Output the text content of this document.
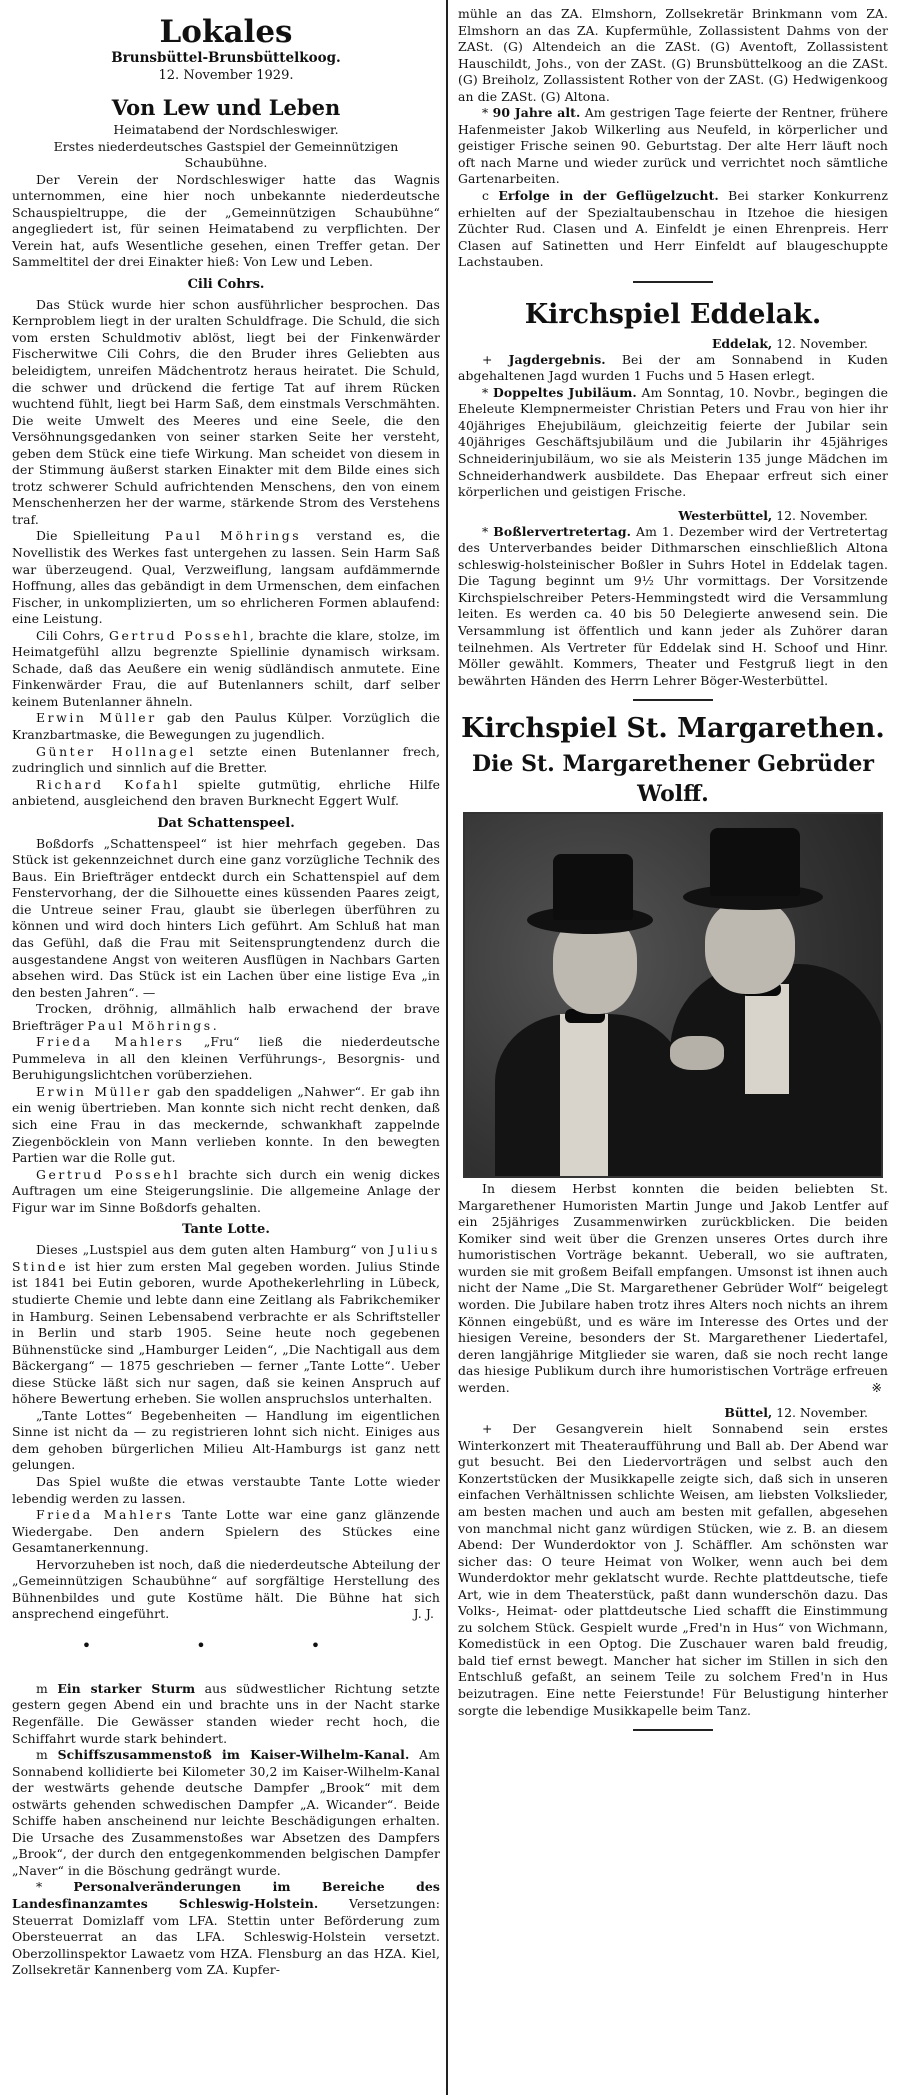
Lokales
Brunsbüttel-Brunsbüttelkoog.
12. November 1929.
Von Lew und Leben
Heimatabend der Nordschleswiger.
Erstes niederdeutsches Gastspiel der Gemeinnützigen Schaubühne.

Der Verein der Nordschleswiger hatte das Wagnis unternommen, eine hier noch unbekannte niederdeutsche Schauspieltruppe, die der „Gemeinnützigen Schaubühne“ angegliedert ist, für seinen Heimatabend zu verpflichten. Der Verein hat, aufs Wesentliche gesehen, einen Treffer getan. Der Sammeltitel der drei Einakter hieß: Von Lew und Leben.

Cili Cohrs.

Das Stück wurde hier schon ausführlicher besprochen. Das Kernproblem liegt in der uralten Schuldfrage. Die Schuld, die sich vom ersten Schuldmotiv ablöst, liegt bei der Finkenwärder Fischerwitwe Cili Cohrs, die den Bruder ihres Geliebten aus beleidigtem, unreifen Mädchentrotz heraus heiratet. Die Schuld, die schwer und drückend die fertige Tat auf ihrem Rücken wuchtend fühlt, liegt bei Harm Saß, dem einstmals Verschmähten. Die weite Umwelt des Meeres und eine Seele, die den Versöhnungsgedanken von seiner starken Seite her versteht, geben dem Stück eine tiefe Wirkung. Man scheidet von diesem in der Stimmung äußerst starken Einakter mit dem Bilde eines sich trotz schwerer Schuld aufrichtenden Menschens, den von einem Menschenherzen her der warme, stärkende Strom des Verstehens traf.

Die Spielleitung Paul Möhrings verstand es, die Novellistik des Werkes fast untergehen zu lassen. Sein Harm Saß war überzeugend. Qual, Verzweiflung, langsam aufdämmernde Hoffnung, alles das gebändigt in dem Urmenschen, dem einfachen Fischer, in unkomplizierten, um so ehrlicheren Formen ablaufend: eine Leistung.

Cili Cohrs, Gertrud Possehl, brachte die klare, stolze, im Heimatgefühl allzu begrenzte Spiellinie dynamisch wirksam. Schade, daß das Aeußere ein wenig südländisch anmutete. Eine Finkenwärder Frau, die auf Butenlanners schilt, darf selber keinem Butenlanner ähneln.

Erwin Müller gab den Paulus Külper. Vorzüglich die Kranzbartmaske, die Bewegungen zu jugendlich.

Günter Hollnagel setzte einen Butenlanner frech, zudringlich und sinnlich auf die Bretter.

Richard Kofahl spielte gutmütig, ehrliche Hilfe anbietend, ausgleichend den braven Burknecht Eggert Wulf.

Dat Schattenspeel.

Boßdorfs „Schattenspeel“ ist hier mehrfach gegeben. Das Stück ist gekennzeichnet durch eine ganz vorzügliche Technik des Baus. Ein Briefträger entdeckt durch ein Schattenspiel auf dem Fenstervorhang, der die Silhouette eines küssenden Paares zeigt, die Untreue seiner Frau, glaubt sie überlegen überführen zu können und wird doch hinters Lich geführt. Am Schluß hat man das Gefühl, daß die Frau mit Seitensprungtendenz durch die ausgestandene Angst von weiteren Ausflügen in Nachbars Garten absehen wird. Das Stück ist ein Lachen über eine listige Eva „in den besten Jahren“. —

Trocken, dröhnig, allmählich halb erwachend der brave Briefträger Paul Möhrings.

Frieda Mahlers „Fru“ ließ die niederdeutsche Pummeleva in all den kleinen Verführungs-, Besorgnis- und Beruhigungslichtchen vorüberziehen.

Erwin Müller gab den spaddeligen „Nahwer“. Er gab ihn ein wenig übertrieben. Man konnte sich nicht recht denken, daß sich eine Frau in das meckernde, schwankhaft zappelnde Ziegenböcklein von Mann verlieben konnte. In den bewegten Partien war die Rolle gut.

Gertrud Possehl brachte sich durch ein wenig dickes Auftragen um eine Steigerungslinie. Die allgemeine Anlage der Figur war im Sinne Boßdorfs gehalten.

Tante Lotte.

Dieses „Lustspiel aus dem guten alten Hamburg“ von Julius Stinde ist hier zum ersten Mal gegeben worden. Julius Stinde ist 1841 bei Eutin geboren, wurde Apothekerlehrling in Lübeck, studierte Chemie und lebte dann eine Zeitlang als Fabrikchemiker in Hamburg. Seinen Lebensabend verbrachte er als Schriftsteller in Berlin und starb 1905. Seine heute noch gegebenen Bühnenstücke sind „Hamburger Leiden“, „Die Nachtigall aus dem Bäckergang“ — 1875 geschrieben — ferner „Tante Lotte“. Ueber diese Stücke läßt sich nur sagen, daß sie keinen Anspruch auf höhere Bewertung erheben. Sie wollen anspruchslos unterhalten.

„Tante Lottes“ Begebenheiten — Handlung im eigentlichen Sinne ist nicht da — zu registrieren lohnt sich nicht. Einiges aus dem gehoben bürgerlichen Milieu Alt-Hamburgs ist ganz nett gelungen.

Das Spiel wußte die etwas verstaubte Tante Lotte wieder lebendig werden zu lassen.

Frieda Mahlers Tante Lotte war eine ganz glänzende Wiedergabe. Den andern Spielern des Stückes eine Gesamtanerkennung.

Hervorzuheben ist noch, daß die niederdeutsche Abteilung der „Gemeinnützigen Schaubühne“ auf sorgfältige Herstellung des Bühnenbildes und gute Kostüme hält. Die Bühne hat sich ansprechend eingeführt.	J. J.

• • •

m Ein starker Sturm aus südwestlicher Richtung setzte gestern gegen Abend ein und brachte uns in der Nacht starke Regenfälle. Die Gewässer standen wieder recht hoch, die Schiffahrt wurde stark behindert.

m Schiffszusammenstoß im Kaiser-Wilhelm-Kanal. Am Sonnabend kollidierte bei Kilometer 30,2 im Kaiser-Wilhelm-Kanal der westwärts gehende deutsche Dampfer „Brook“ mit dem ostwärts gehenden schwedischen Dampfer „A. Wicander“. Beide Schiffe haben anscheinend nur leichte Beschädigungen erhalten. Die Ursache des Zusammenstoßes war Absetzen des Dampfers „Brook“, der durch den entgegenkommenden belgischen Dampfer „Naver“ in die Böschung gedrängt wurde.

*	Personalveränderungen im Bereiche des Landesfinanzamtes Schleswig-Holstein. Versetzungen: Steuerrat Domizlaff vom LFA. Stettin unter Beförderung zum Obersteuerrat an das LFA. Schleswig-Holstein versetzt. Oberzollinspektor Lawaetz vom HZA. Flensburg an das HZA. Kiel, Zollsekretär Kannenberg vom ZA. Kupfer-

mühle an das ZA. Elmshorn, Zollsekretär Brinkmann vom ZA. Elmshorn an das ZA. Kupfermühle, Zollassistent Dahms von der ZASt. (G) Altendeich an die ZASt. (G) Aventoft, Zollassistent Hauschildt, Johs., von der ZASt. (G) Brunsbüttelkoog an die ZASt. (G) Breiholz, Zollassistent Rother von der ZASt. (G) Hedwigenkoog an die ZASt. (G) Altona.

* 90 Jahre alt. Am gestrigen Tage feierte der Rentner, frühere Hafenmeister Jakob Wilkerling aus Neufeld, in körperlicher und geistiger Frische seinen 90. Geburtstag. Der alte Herr läuft noch oft nach Marne und wieder zurück und verrichtet noch sämtliche Gartenarbeiten.

c Erfolge in der Geflügelzucht. Bei starker Konkurrenz erhielten auf der Spezialtaubenschau in Itzehoe die hiesigen Züchter Rud. Clasen und A. Einfeldt je einen Ehrenpreis. Herr Clasen auf Satinetten und Herr Einfeldt auf blaugeschuppte Lachstauben.

Kirchspiel Eddelak.
Eddelak, 12. November.

+ Jagdergebnis. Bei der am Sonnabend in Kuden abgehaltenen Jagd wurden 1 Fuchs und 5 Hasen erlegt.

* Doppeltes Jubiläum. Am Sonntag, 10. Novbr., begingen die Eheleute Klempnermeister Christian Peters und Frau von hier ihr 40jähriges Ehejubiläum, gleichzeitig feierte der Jubilar sein 40jähriges Geschäftsjubiläum und die Jubilarin ihr 45jähriges Schneiderinjubiläum, wo sie als Meisterin 135 junge Mädchen im Schneiderhandwerk ausbildete. Das Ehepaar erfreut sich einer körperlichen und geistigen Frische.

Westerbüttel, 12. November.

* Boßlervertretertag. Am 1. Dezember wird der Vertretertag des Unterverbandes beider Dithmarschen einschließlich Altona schleswig-holsteinischer Boßler in Suhrs Hotel in Eddelak tagen. Die Tagung beginnt um 9½ Uhr vormittags. Der Vorsitzende Kirchspielschreiber Peters-Hemmingstedt wird die Versammlung leiten. Es werden ca. 40 bis 50 Delegierte anwesend sein. Die Versammlung ist öffentlich und kann jeder als Zuhörer daran teilnehmen. Als Vertreter für Eddelak sind H. Schoof und Hinr. Möller gewählt. Kommers, Theater und Festgruß liegt in den bewährten Händen des Herrn Lehrer Böger-Westerbüttel.

Kirchspiel St. Margarethen.
Die St. Margarethener Gebrüder Wolff.

In diesem Herbst konnten die beiden beliebten St. Margarethener Humoristen Martin Junge und Jakob Lentfer auf ein 25jähriges Zusammenwirken zurückblicken. Die beiden Komiker sind weit über die Grenzen unseres Ortes durch ihre humoristischen Vorträge bekannt. Ueberall, wo sie auftraten, wurden sie mit großem Beifall empfangen. Umsonst ist ihnen auch nicht der Name „Die St. Margarethener Gebrüder Wolf“ beigelegt worden. Die Jubilare haben trotz ihres Alters noch nichts an ihrem Können eingebüßt, und es wäre im Interesse des Ortes und der hiesigen Vereine, besonders der St. Margarethener Liedertafel, deren langjährige Mitglieder sie waren, daß sie noch recht lange das hiesige Publikum durch ihre humoristischen Vorträge erfreuen werden.	※

Büttel, 12. November.

+ Der Gesangverein hielt Sonnabend sein erstes Winterkonzert mit Theateraufführung und Ball ab. Der Abend war gut besucht. Bei den Liedervorträgen und selbst auch den Konzertstücken der Musikkapelle zeigte sich, daß sich in unseren einfachen Verhältnissen schlichte Weisen, am liebsten Volkslieder, am besten machen und auch am besten mit gefallen, abgesehen von manchmal nicht ganz würdigen Stücken, wie z. B. an diesem Abend: Der Wunderdoktor von J. Schäffler. Am schönsten war sicher das: O teure Heimat von Wolker, wenn auch bei dem Wunderdoktor mehr geklatscht wurde. Rechte plattdeutsche, tiefe Art, wie in dem Theaterstück, paßt dann wunderschön dazu. Das Volks-, Heimat- oder plattdeutsche Lied schafft die Einstimmung zu solchem Stück. Gespielt wurde „Fred'n in Hus“ von Wichmann, Komedistück in een Optog. Die Zuschauer waren bald freudig, bald tief ernst bewegt. Mancher hat sicher im Stillen in sich den Entschluß gefaßt, an seinem Teile zu solchem Fred'n in Hus beizutragen. Eine nette Feierstunde! Für Belustigung hinterher sorgte die lebendige Musikkapelle beim Tanz.
